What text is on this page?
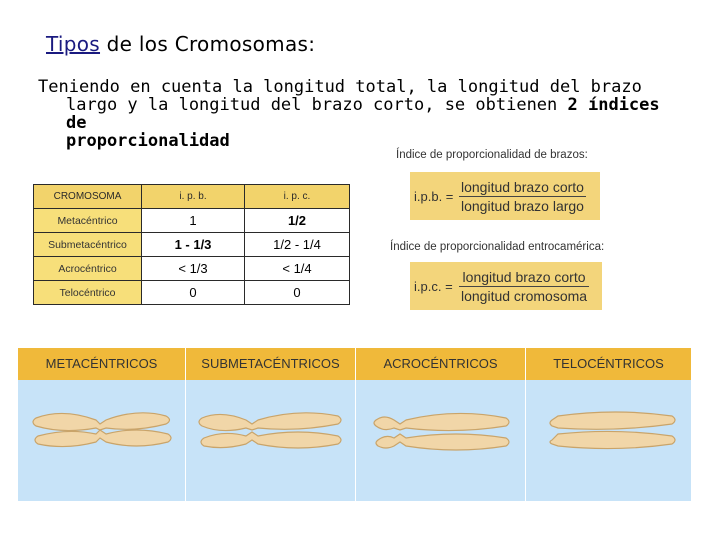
Tipos de los Cromosomas:

Teniendo en cuenta la longitud total, la longitud del brazo

largo y la longitud del brazo corto, se obtienen 2 índices de

proporcionalidad

CROMOSOMA	i. p. b.	i. p. c.
Metacéntrico	1	1/2
Submetacéntrico	1 - 1/3	1/2 - 1/4
Acrocéntrico	< 1/3	< 1/4
Telocéntrico	0	0
Índice de proporcionalidad de brazos:
i.p.b. = $\frac{\text{longitud brazo corto}}{\text{longitud brazo largo}}$
Índice de proporcionalidad entrocamérica:
i.p.c. = $\frac{\text{longitud brazo corto}}{\text{longitud cromosoma}}$
METACÉNTRICOS	SUBMETACÉNTRICOS	ACROCÉNTRICOS	TELOCÉNTRICOS
